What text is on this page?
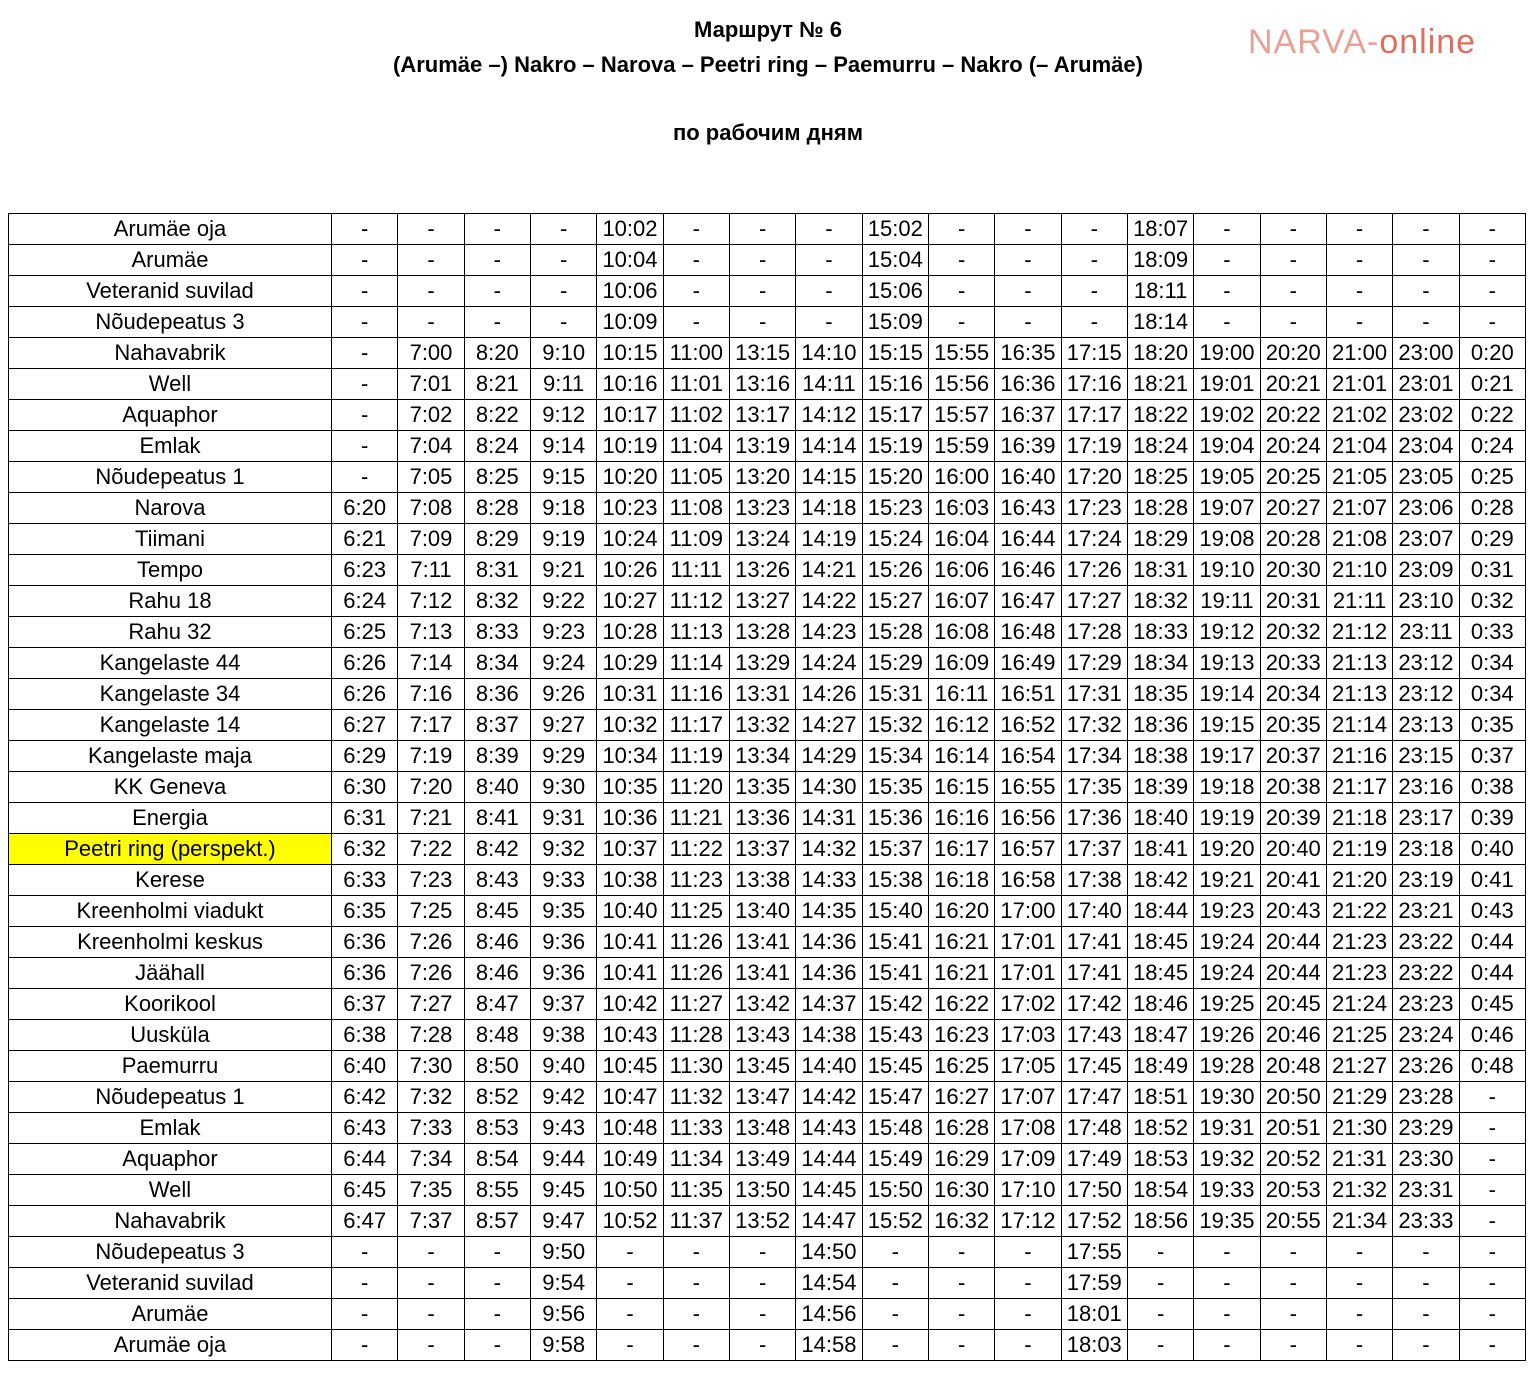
Маршрут № 6
(Arumäe –) Nakro – Narova – Peetri ring – Paemurru – Nakro (– Arumäe)
по рабочим дням
NARVA-online
Arumäe oja	-	-	-	-	10:02	-	-	-	15:02	-	-	-	18:07	-	-	-	-	-
Arumäe	-	-	-	-	10:04	-	-	-	15:04	-	-	-	18:09	-	-	-	-	-
Veteranid suvilad	-	-	-	-	10:06	-	-	-	15:06	-	-	-	18:11	-	-	-	-	-
Nõudepeatus 3	-	-	-	-	10:09	-	-	-	15:09	-	-	-	18:14	-	-	-	-	-
Nahavabrik	-	7:00	8:20	9:10	10:15	11:00	13:15	14:10	15:15	15:55	16:35	17:15	18:20	19:00	20:20	21:00	23:00	0:20
Well	-	7:01	8:21	9:11	10:16	11:01	13:16	14:11	15:16	15:56	16:36	17:16	18:21	19:01	20:21	21:01	23:01	0:21
Aquaphor	-	7:02	8:22	9:12	10:17	11:02	13:17	14:12	15:17	15:57	16:37	17:17	18:22	19:02	20:22	21:02	23:02	0:22
Emlak	-	7:04	8:24	9:14	10:19	11:04	13:19	14:14	15:19	15:59	16:39	17:19	18:24	19:04	20:24	21:04	23:04	0:24
Nõudepeatus 1	-	7:05	8:25	9:15	10:20	11:05	13:20	14:15	15:20	16:00	16:40	17:20	18:25	19:05	20:25	21:05	23:05	0:25
Narova	6:20	7:08	8:28	9:18	10:23	11:08	13:23	14:18	15:23	16:03	16:43	17:23	18:28	19:07	20:27	21:07	23:06	0:28
Tiimani	6:21	7:09	8:29	9:19	10:24	11:09	13:24	14:19	15:24	16:04	16:44	17:24	18:29	19:08	20:28	21:08	23:07	0:29
Tempo	6:23	7:11	8:31	9:21	10:26	11:11	13:26	14:21	15:26	16:06	16:46	17:26	18:31	19:10	20:30	21:10	23:09	0:31
Rahu 18	6:24	7:12	8:32	9:22	10:27	11:12	13:27	14:22	15:27	16:07	16:47	17:27	18:32	19:11	20:31	21:11	23:10	0:32
Rahu 32	6:25	7:13	8:33	9:23	10:28	11:13	13:28	14:23	15:28	16:08	16:48	17:28	18:33	19:12	20:32	21:12	23:11	0:33
Kangelaste 44	6:26	7:14	8:34	9:24	10:29	11:14	13:29	14:24	15:29	16:09	16:49	17:29	18:34	19:13	20:33	21:13	23:12	0:34
Kangelaste 34	6:26	7:16	8:36	9:26	10:31	11:16	13:31	14:26	15:31	16:11	16:51	17:31	18:35	19:14	20:34	21:13	23:12	0:34
Kangelaste 14	6:27	7:17	8:37	9:27	10:32	11:17	13:32	14:27	15:32	16:12	16:52	17:32	18:36	19:15	20:35	21:14	23:13	0:35
Kangelaste maja	6:29	7:19	8:39	9:29	10:34	11:19	13:34	14:29	15:34	16:14	16:54	17:34	18:38	19:17	20:37	21:16	23:15	0:37
KK Geneva	6:30	7:20	8:40	9:30	10:35	11:20	13:35	14:30	15:35	16:15	16:55	17:35	18:39	19:18	20:38	21:17	23:16	0:38
Energia	6:31	7:21	8:41	9:31	10:36	11:21	13:36	14:31	15:36	16:16	16:56	17:36	18:40	19:19	20:39	21:18	23:17	0:39
Peetri ring (perspekt.)	6:32	7:22	8:42	9:32	10:37	11:22	13:37	14:32	15:37	16:17	16:57	17:37	18:41	19:20	20:40	21:19	23:18	0:40
Kerese	6:33	7:23	8:43	9:33	10:38	11:23	13:38	14:33	15:38	16:18	16:58	17:38	18:42	19:21	20:41	21:20	23:19	0:41
Kreenholmi viadukt	6:35	7:25	8:45	9:35	10:40	11:25	13:40	14:35	15:40	16:20	17:00	17:40	18:44	19:23	20:43	21:22	23:21	0:43
Kreenholmi keskus	6:36	7:26	8:46	9:36	10:41	11:26	13:41	14:36	15:41	16:21	17:01	17:41	18:45	19:24	20:44	21:23	23:22	0:44
Jäähall	6:36	7:26	8:46	9:36	10:41	11:26	13:41	14:36	15:41	16:21	17:01	17:41	18:45	19:24	20:44	21:23	23:22	0:44
Koorikool	6:37	7:27	8:47	9:37	10:42	11:27	13:42	14:37	15:42	16:22	17:02	17:42	18:46	19:25	20:45	21:24	23:23	0:45
Uusküla	6:38	7:28	8:48	9:38	10:43	11:28	13:43	14:38	15:43	16:23	17:03	17:43	18:47	19:26	20:46	21:25	23:24	0:46
Paemurru	6:40	7:30	8:50	9:40	10:45	11:30	13:45	14:40	15:45	16:25	17:05	17:45	18:49	19:28	20:48	21:27	23:26	0:48
Nõudepeatus 1	6:42	7:32	8:52	9:42	10:47	11:32	13:47	14:42	15:47	16:27	17:07	17:47	18:51	19:30	20:50	21:29	23:28	-
Emlak	6:43	7:33	8:53	9:43	10:48	11:33	13:48	14:43	15:48	16:28	17:08	17:48	18:52	19:31	20:51	21:30	23:29	-
Aquaphor	6:44	7:34	8:54	9:44	10:49	11:34	13:49	14:44	15:49	16:29	17:09	17:49	18:53	19:32	20:52	21:31	23:30	-
Well	6:45	7:35	8:55	9:45	10:50	11:35	13:50	14:45	15:50	16:30	17:10	17:50	18:54	19:33	20:53	21:32	23:31	-
Nahavabrik	6:47	7:37	8:57	9:47	10:52	11:37	13:52	14:47	15:52	16:32	17:12	17:52	18:56	19:35	20:55	21:34	23:33	-
Nõudepeatus 3	-	-	-	9:50	-	-	-	14:50	-	-	-	17:55	-	-	-	-	-	-
Veteranid suvilad	-	-	-	9:54	-	-	-	14:54	-	-	-	17:59	-	-	-	-	-	-
Arumäe	-	-	-	9:56	-	-	-	14:56	-	-	-	18:01	-	-	-	-	-	-
Arumäe oja	-	-	-	9:58	-	-	-	14:58	-	-	-	18:03	-	-	-	-	-	-
